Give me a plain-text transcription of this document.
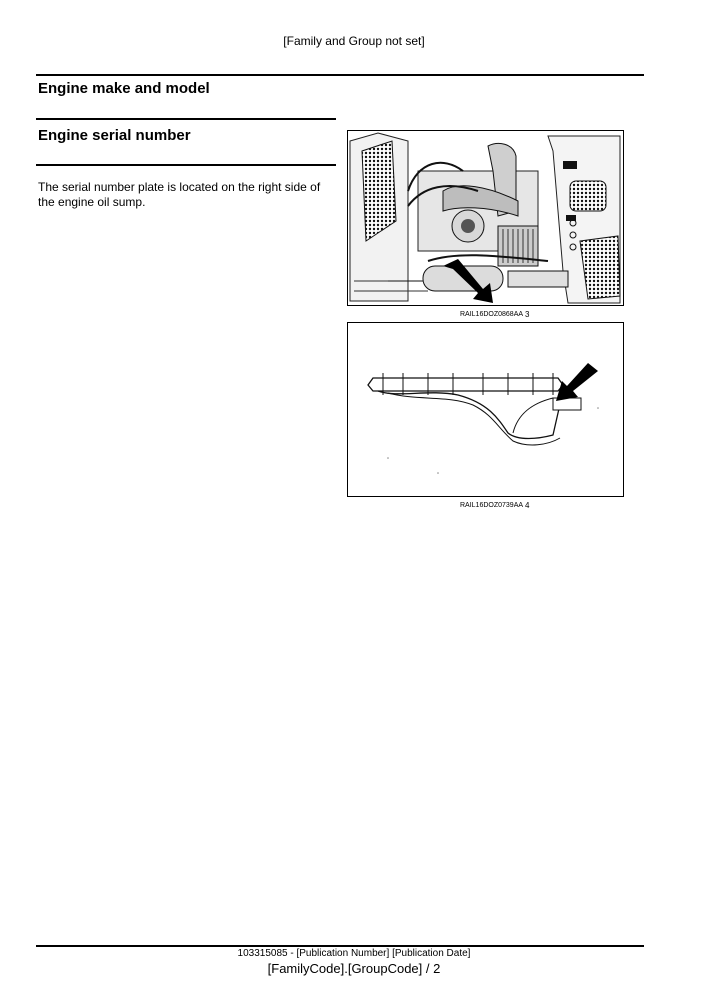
[Family and Group not set]
Engine make and model
Engine serial number
The serial number plate is located on the right side of the engine oil sump.
RAIL16DOZ0868AA 3
RAIL16DOZ0739AA 4
103315085 - [Publication Number] [Publication Date]
[FamilyCode].[GroupCode] / 2
